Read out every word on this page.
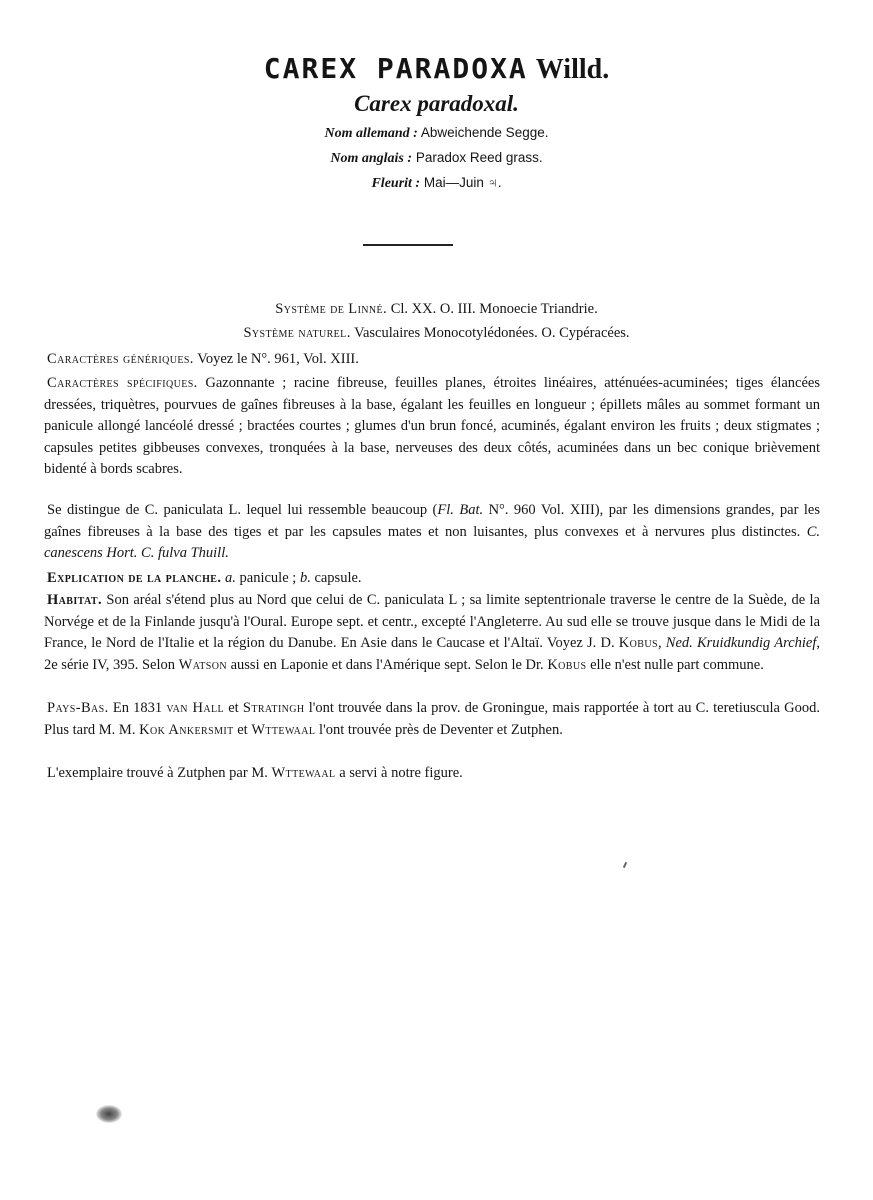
CAREX PARADOXA Willd.
Carex paradoxal.
Nom allemand : Abweichende Segge.
Nom anglais : Paradox Reed grass.
Fleurit : Mai—Juin ♃.
Système de Linné. Cl. XX. O. III. Monoecie Triandrie.
Système naturel. Vasculaires Monocotylédonées. O. Cypéracées.
Caractères génériques. Voyez le N°. 961, Vol. XIII.
Caractères spécifiques. Gazonnante ; racine fibreuse, feuilles planes, étroites linéaires, atténuées-acuminées; tiges élancées dressées, triquètres, pourvues de gaînes fibreuses à la base, égalant les feuilles en longueur ; épillets mâles au sommet formant un panicule allongé lancéolé dressé ; bractées courtes ; glumes d'un brun foncé, acuminés, égalant environ les fruits ; deux stigmates ; capsules petites gibbeuses convexes, tronquées à la base, nerveuses des deux côtés, acuminées dans un bec conique brièvement bidenté à bords scabres.
Se distingue de C. paniculata L. lequel lui ressemble beaucoup (Fl. Bat. N°. 960 Vol. XIII), par les dimensions grandes, par les gaînes fibreuses à la base des tiges et par les capsules mates et non luisantes, plus convexes et à nervures plus distinctes. C. canescens Hort. C. fulva Thuill.
Explication de la planche. a. panicule ; b. capsule.
Habitat. Son aréal s'étend plus au Nord que celui de C. paniculata L ; sa limite septentrionale traverse le centre de la Suède, de la Norvége et de la Finlande jusqu'à l'Oural. Europe sept. et centr., excepté l'Angleterre. Au sud elle se trouve jusque dans le Midi de la France, le Nord de l'Italie et la région du Danube. En Asie dans le Caucase et l'Altaï. Voyez J. D. Kobus, Ned. Kruidkundig Archief, 2e série IV, 395. Selon Watson aussi en Laponie et dans l'Amérique sept. Selon le Dr. Kobus elle n'est nulle part commune.
Pays-Bas. En 1831 van Hall et Stratingh l'ont trouvée dans la prov. de Groningue, mais rapportée à tort au C. teretiuscula Good. Plus tard M. M. Kok Ankersmit et Wttewaal l'ont trouvée près de Deventer et Zutphen.
L'exemplaire trouvé à Zutphen par M. Wttewaal a servi à notre figure.
